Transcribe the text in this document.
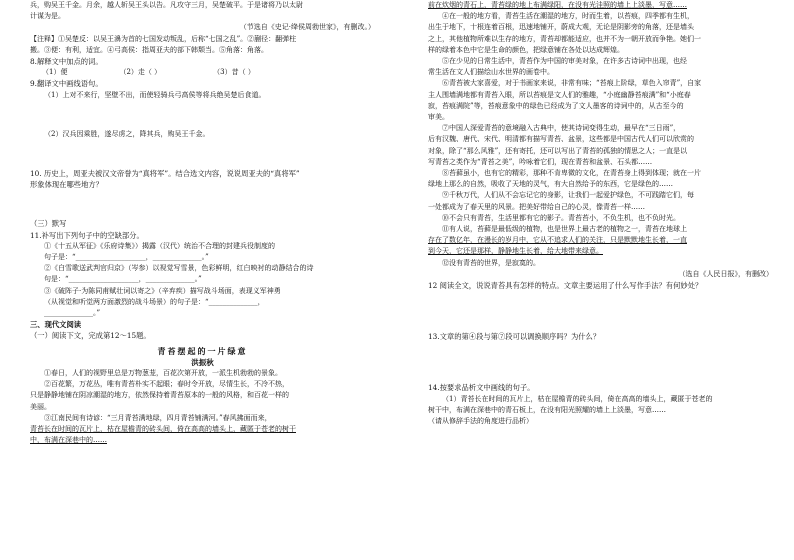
兵，购吴王千金。月余，越人斩吴王头以告。凡攻守三月，吴楚破平。于是诸将乃以太尉

计谋为是。

（节选自《史记·绛侯周勃世家》，有删改。）

【注释】①吴楚反：以吴王濞为首的七国发动叛乱，后称“七国之乱”。②蒯径：翻弹柱

搬。③便：有利，适宜。④弓高侯：指周亚夫的部下韩颓当。⑤角落：角落。

8.解释文中加点的词。

（1）便	（2）走（ ）	（3）昔（ ）

9.翻译文中画线语句。

（1）上对不来行，坚壁不出，而使轻骑兵弓高侯等将兵绝吴楚后食道。

（2）汉兵因乘胜，遂尽虏之，降其兵，购吴王千金。

10. 历史上，周亚夫被汉文帝誉为“真将军”。结合选文内容，说说周亚夫的“真将军”

形象体现在哪些地方？

（三）默写

11.补写出下列句子中的空缺部分。

①《十五从军征》《乐府诗集》）揭露（汉代）统治不合理的封建兵役制度的

句子是：“____________________，______________。”

②《白雪歌送武判官归京》（岑参）以视觉写雪景，色彩鲜明，红白映衬的动静结合的诗

句是：“____________________，______________。”

③《破阵子·为陈同甫赋壮词以寄之》（辛弃疾）描写战斗场面，表现义军神勇

（从视觉和听觉两方面激烈的战斗场景）的句子是：“______________，

______________。”

三、现代文阅读

（一）阅读下文，完成第12～15题。

青苔摆起的一片绿意

洪振秋

①春日，人们的视野里总是万物葱茏，百花次第开放，一派生机勃勃的景象。

②百花繁，万花丛，唯有青苔朴实不起眼；春时令开放，尽情生长，不冷不热，

只是静静地铺在阴凉潮湿的地方，依然保持着青苔原本的一般的风格，和百花一样的

美丽。

③江南民间有诗谚：“三月青苔满地绿，四月青苔铺满河。”春风拂面而来，

青苔长在时间的瓦片上，枯在屋檐青的砖头间，倚在高高的墙头上，藏匿于苍老的树干

中，布满在深巷中的……

前在炊烟的青石上，青苔绿的地上布满绿阳，在没有光洼照的墙上上淡墨，写意……

④在一般的地方看，青苔生活在潮湿的地方，时而生着，以苔痕，四季都有生机，

出生于地下，十根连着百根，迅速地铺开，蔚成大观，无论是阴影旁的角落，还是墙头

之上，其他植物所难以生存的地方，青苔却都能适应，也并不为一朝开放而争艳。她们一

样的绿着本色中它是生命的颜色，把绿意铺在各处以达成辉煌。

⑤在少见的日常生活中，青苔作为中国的审美对象，在许多古诗词中出现，也经

常生活在文人们描绘山水世界的画卷中。

⑥青苔被大家喜爱，对于书画家来说，非常有味；“苔痕上阶绿，草色入帘青”，自家

主人围墙满地都有青苔入眼，所以苔痕是文人们的雅趣，“小庭幽静苔痕满”和“小庭春

寂，苔痕满院”等，苔痕意象中的绿色已经成为了文人墨客的诗词中的，从古至今的

审美。

⑦中国人深爱青苔的意境融入古典中，使其诗词变得生动，最早在“三日雨”，

后有汉魏、唐代、宋代、明清都有描写青苔、盆景，这些都是中国古代人们可以欣赏的

对象，除了“那么风雅”，还有寄托，还可以写出了青苔的孤独的情思之人；一直是以

写青苔之类作为“青苔之美”，吟咏着它们，现在青苔和盆景、石头都……

⑧苔藓虽小，也有它的精彩，那种不肯卑微的文化，在青苔身上得到体现；就在一片

绿地上那么的自然，吸收了天地的灵气，有大自然给予的东西，它是绿色的……

⑨千秋万代，人们从不会忘记它的身影，让我们一起爱护绿色，不可践踏它们，每

一处都成为了春天里的风景。把美好带给自己的心灵，像青苔一样……

⑩不会只有青苔，生活里都有它的影子。青苔苔小，不负生机，也不负时光。

⑪有人说，苔藓是最低级的植物，也是世界上最古老的植物之一，青苔在地球上

存在了数亿年，在漫长的岁月中，它从不追求人们的关注，只是默默地生长着，一直

到今天，它还是那样，静静地生长着，给大地带来绿意。

⑫没有青苔的世界，是寂寞的。

（选自《人民日报》，有删改）

12 阅读全文，说说青苔具有怎样的特点。文章主要运用了什么写作手法？有何妙处？

13.文章的第④段与第⑦段可以调换顺序吗？为什么？

14.按要求品析文中画线的句子。

（1）青苔长在时间的瓦片上，枯在屋檐青的砖头间，倚在高高的墙头上，藏匿于苍老的

树干中，布满在深巷中的青石板上，在没有阳光照耀的墙上上淡墨，写意……

（请从修辞手法的角度进行品析）
